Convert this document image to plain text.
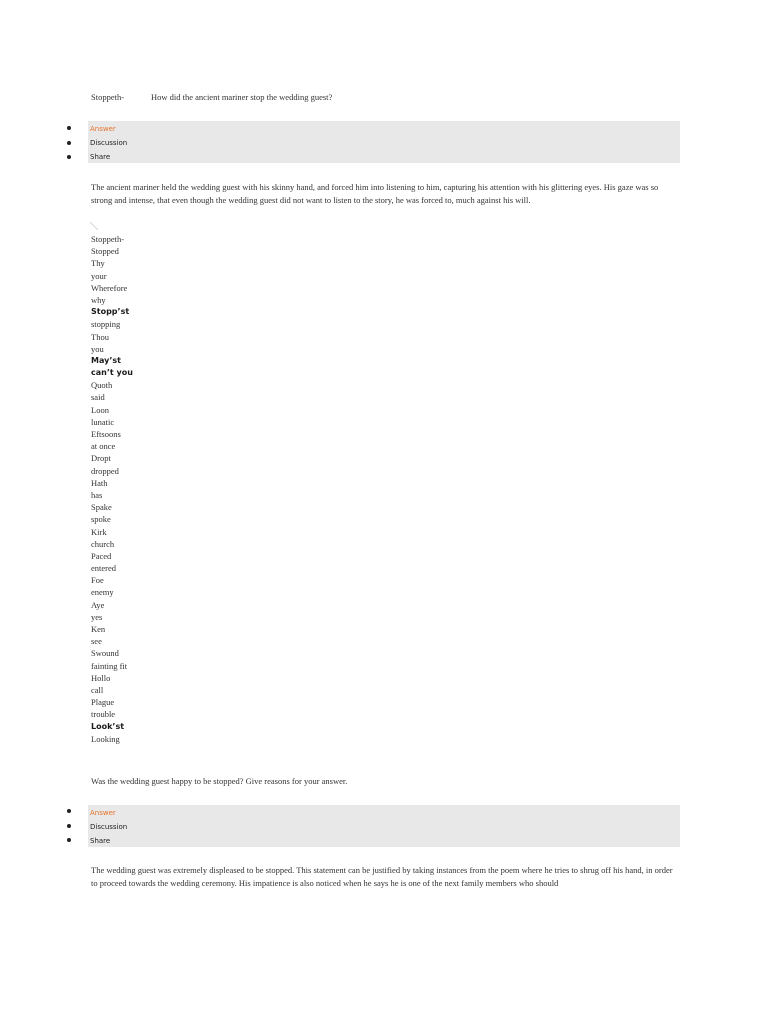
Stoppeth-	How did the ancient mariner stop the wedding guest?
Answer
Discussion
Share
The ancient mariner held the wedding guest with his skinny hand, and forced him into listening to him, capturing his attention with his glittering eyes. His gaze was so strong and intense, that even though the wedding guest did not want to listen to the story, he was forced to, much against his will.
Stoppeth-
Stopped
Thy
your
Wherefore
why
Stopp’st
stopping
Thou
you
May’st
can’t you
Quoth
said
Loon
lunatic
Eftsoons
at once
Dropt
dropped
Hath
has
Spake
spoke
Kirk
church
Paced
entered
Foe
enemy
Aye
yes
Ken
see
Swound
fainting fit
Hollo
call
Plague
trouble
Look’st
Looking
Was the wedding guest happy to be stopped? Give reasons for your answer.
Answer
Discussion
Share
The wedding guest was extremely displeased to be stopped. This statement can be justified by taking instances from the poem where he tries to shrug off his hand, in order to proceed towards the wedding ceremony. His impatience is also noticed when he says he is one of the next family members who should
